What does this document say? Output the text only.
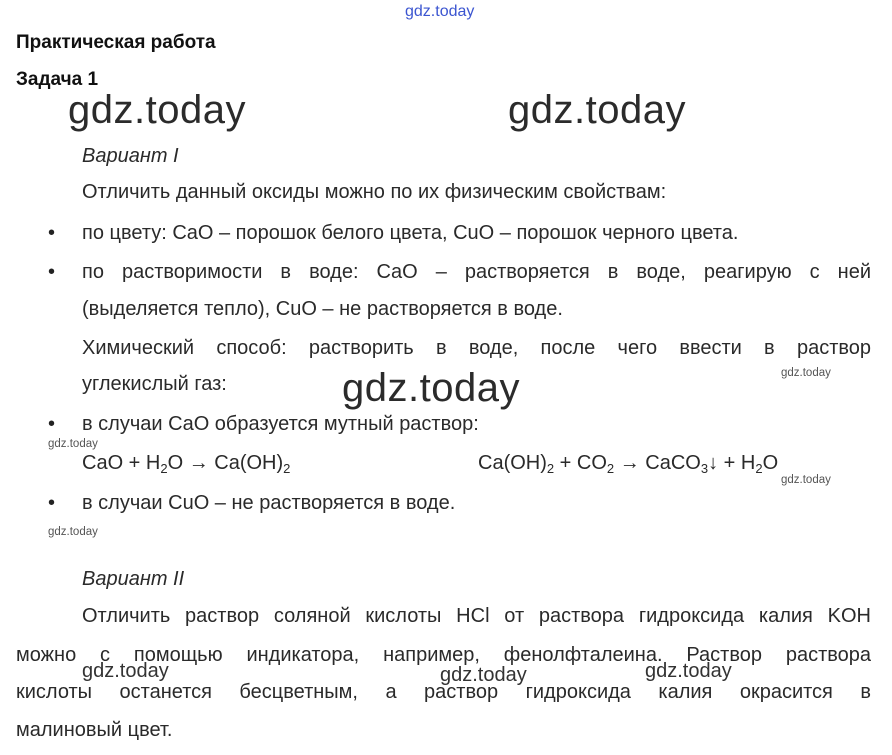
gdz.today
Практическая работа
Задача 1
gdz.today	gdz.today
Вариант I
Отличить данный оксиды можно по их физическим свойствам:
• по цвету: CaO – порошок белого цвета, CuO – порошок черного цвета.
• по растворимости в воде: CaO – растворяется в воде, реагирую с ней
(выделяется тепло), CuO – не растворяется в воде.
Химический способ: растворить в воде, после чего ввести в раствор
углекислый газ:	gdz.today	gdz.today
• в случаи CaO образуется мутный раствор:
gdz.today
CaO + $H_2O \to Ca(OH)_2$	$Ca(OH)_2 + CO_2$ → CaCO$_3$↓ + $H_2O$
gdz.today
• в случаи CuO – не растворяется в воде.
gdz.today
Вариант II
Отличить раствор соляной кислоты HCl от раствора гидроксида калия KOH
можно с помощью индикатора, например, фенолфталеина. Раствор раствора
кислоты останется бесцветным, а раствор гидроксида калия окрасится в
малиновый цвет.
gdz.today	gdz.today	gdz.today
